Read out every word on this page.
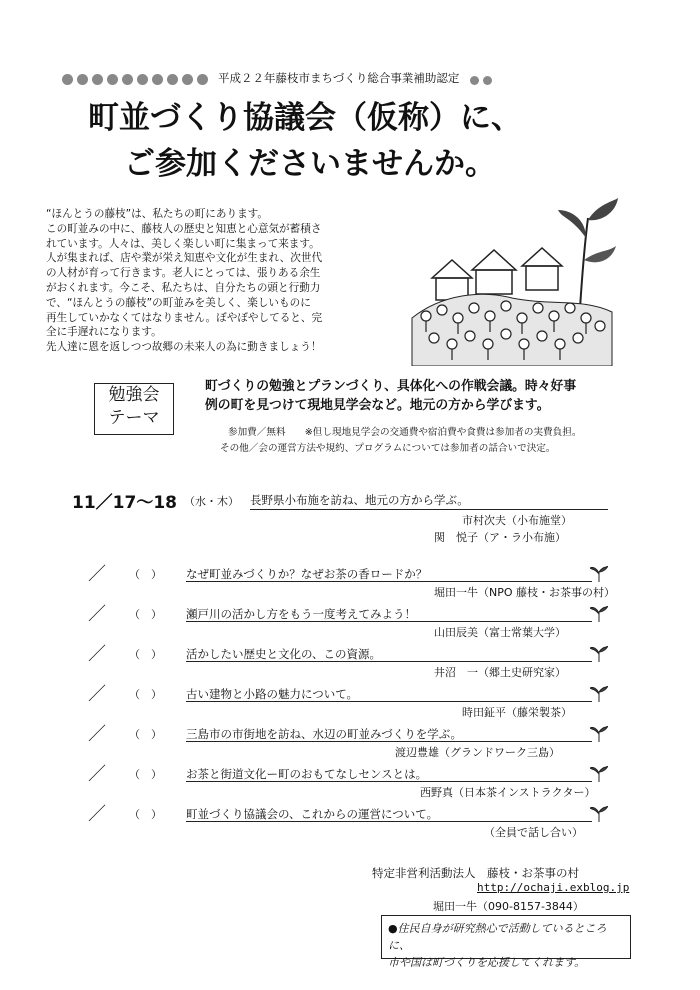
平成２２年藤枝市まちづくり総合事業補助認定
町並づくり協議会（仮称）に、
ご参加くださいませんか。

“ほんとうの藤枝”は、私たちの町にあります。

この町並みの中に、藤枝人の歴史と知恵と心意気が蓄積さ

れています。人々は、美しく楽しい町に集まって来ます。

人が集まれば、店や業が栄え知恵や文化が生まれ、次世代

の人材が育って行きます。老人にとっては、張りある余生

がおくれます。今こそ、私たちは、自分たちの頭と行動力

で、“ほんとうの藤枝”の町並みを美しく、楽しいものに

再生していかなくてはなりません。ぼやぼやしてると、完

全に手遅れになります。

先人達に恩を返しつつ故郷の未来人の為に動きましょう！

勉強会
テーマ
町づくりの勉強とプランづくり、具体化への作戦会議。時々好事
例の町を見つけて現地見学会など。地元の方から学びます。
参加費／無料　　※但し現地見学会の交通費や宿泊費や食費は参加者の実費負担。
その他／会の運営方法や規約、プログラムについては参加者の話合いで決定。
11／17〜18 （水・木） 長野県小布施を訪ね、地元の方から学ぶ。
市村次夫（小布施堂）
関　悦子（ア・ラ小布施）
／ （　） なぜ町並みづくりか？なぜお茶の香ロードか？
堀田一牛（NPO 藤枝・お茶事の村）
／ （　） 瀬戸川の活かし方をもう一度考えてみよう！
山田辰美（富士常葉大学）
／ （　） 活かしたい歴史と文化の、この資源。
井沼　一（郷土史研究家）
／ （　） 古い建物と小路の魅力について。
時田鉦平（藤栄製茶）
／ （　） 三島市の市街地を訪ね、水辺の町並みづくりを学ぶ。
渡辺豊雄（グランドワーク三島）
／ （　） お茶と街道文化ー町のおもてなしセンスとは。
西野真（日本茶インストラクター）
／ （　） 町並づくり協議会の、これからの運営について。
（全員で話し合い）
特定非営利活動法人　藤枝・お茶事の村
http://ochaji.exblog.jp
堀田一牛（090-8157-3844）
●住民自身が研究熱心で活動しているところに、
市や国は町づくりを応援してくれます。
